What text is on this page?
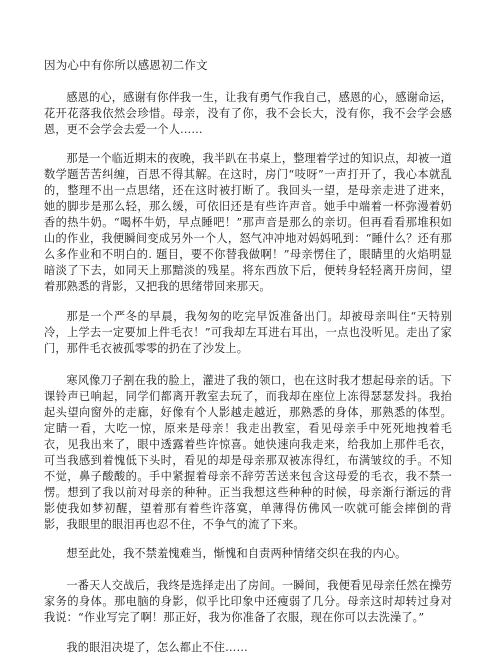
因为心中有你所以感恩初二作文

感恩的心，感谢有你伴我一生，让我有勇气作我自己，感恩的心，感谢命运，花开花落我依然会珍惜。母亲，没有了你，我不会长大，没有你，我不会学会感恩，更不会学会去爱一个人……

那是一个临近期末的夜晚，我半趴在书桌上，整理着学过的知识点，却被一道数学题苦苦纠缠，百思不得其解。在这时，房门“吱呀”一声打开了，我心本就乱的，整理不出一点思绪，还在这时被打断了。我回头一望，是母亲走进了进来，她的脚步是那么轻，那么缓，可依旧还是有些许声音。她手中端着一杯弥漫着奶香的热牛奶。“喝杯牛奶，早点睡吧！”那声音是那么的亲切。但再看看那堆积如山的作业，我便瞬间变成另外一个人，怒气冲冲地对妈妈吼到：“睡什么？还有那么多作业和不明白的. 题目，要不你替我做啊！”母亲愣住了，眼睛里的火焰明显暗淡了下去，如同天上那黯淡的残星。将东西放下后，便转身轻轻离开房间，望着那熟悉的背影，又把我的思绪带回来那天。

那是一个严冬的早晨，我匆匆的吃完早饭准备出门。却被母亲叫住“天特别冷，上学去一定要加上件毛衣！”可我却左耳进右耳出，一点也没听见。走出了家门，那件毛衣被孤零零的扔在了沙发上。

寒风像刀子割在我的脸上，灌进了我的领口，也在这时我才想起母亲的话。下课铃声已响起，同学们都离开教室去玩了，而我却在座位上冻得瑟瑟发抖。我抬起头望向窗外的走廊，好像有个人影越走越近，那熟悉的身体，那熟悉的体型。定睛一看，大吃一惊，原来是母亲！我走出教室，看见母亲手中死死地拽着毛衣，见我出来了，眼中透露着些许惊喜。她快速向我走来，给我加上那件毛衣，可当我感到着愧低下头时，看见的却是母亲那双被冻得红，布满皱纹的手。不知不觉，鼻子酸酸的。手中紧握着母亲不辞劳苦送来包含这母爱的毛衣，我不禁一愣。想到了我以前对母亲的种种。正当我想这些种种的时候，母亲渐行渐远的背影使我如梦初醒，望着那有着些许落寞，单薄得仿佛风一吹就可能会摔倒的背影，我眼里的眼泪再也忍不住，不争气的流了下来。

想至此处，我不禁羞愧难当，惭愧和自责两种情绪交织在我的内心。

一番天人交战后，我终是选择走出了房间。一瞬间，我便看见母亲任然在操劳家务的身体。那电脑的身影，似乎比印象中还瘦弱了几分。母亲这时却转过身对我说：“作业写完了啊！那正好，我为你准备了衣服，现在你可以去洗澡了。”

我的眼泪决堤了，怎么都止不住……
